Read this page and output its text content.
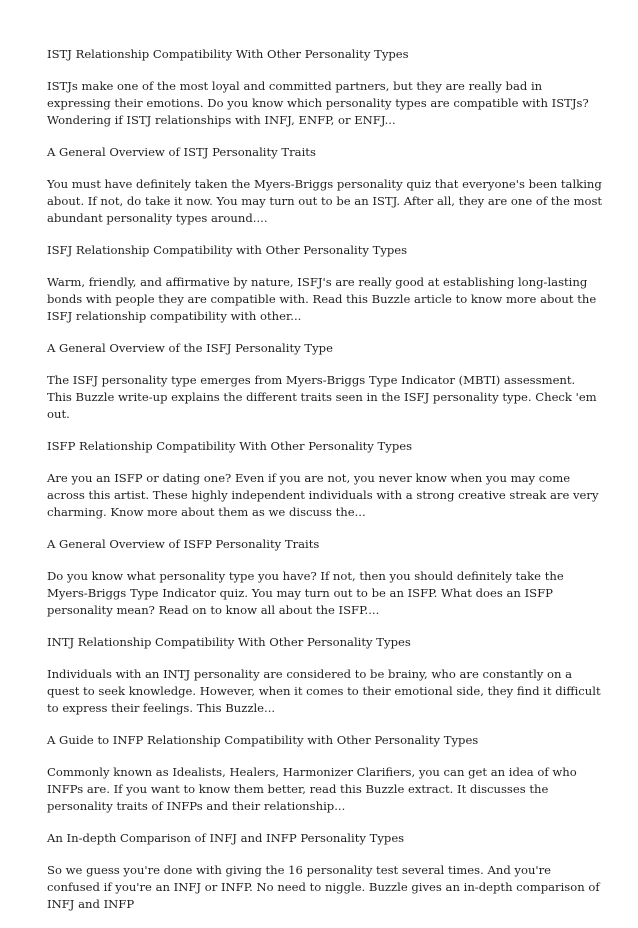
ISTJ Relationship Compatibility With Other Personality Types

ISTJs make one of the most loyal and committed partners, but they are really bad in expressing their emotions. Do you know which personality types are compatible with ISTJs? Wondering if ISTJ relationships with INFJ, ENFP, or ENFJ...

A General Overview of ISTJ Personality Traits

You must have definitely taken the Myers-Briggs personality quiz that everyone's been talking about. If not, do take it now. You may turn out to be an ISTJ. After all, they are one of the most abundant personality types around....

ISFJ Relationship Compatibility with Other Personality Types

Warm, friendly, and affirmative by nature, ISFJ's are really good at establishing long-lasting bonds with people they are compatible with. Read this Buzzle article to know more about the ISFJ relationship compatibility with other...

A General Overview of the ISFJ Personality Type

The ISFJ personality type emerges from Myers-Briggs Type Indicator (MBTI) assessment. This Buzzle write-up explains the different traits seen in the ISFJ personality type. Check 'em out.

ISFP Relationship Compatibility With Other Personality Types

Are you an ISFP or dating one? Even if you are not, you never know when you may come across this artist. These highly independent individuals with a strong creative streak are very charming. Know more about them as we discuss the...

A General Overview of ISFP Personality Traits

Do you know what personality type you have? If not, then you should definitely take the Myers-Briggs Type Indicator quiz. You may turn out to be an ISFP. What does an ISFP personality mean? Read on to know all about the ISFP....

INTJ Relationship Compatibility With Other Personality Types

Individuals with an INTJ personality are considered to be brainy, who are constantly on a quest to seek knowledge. However, when it comes to their emotional side, they find it difficult to express their feelings. This Buzzle...

A Guide to INFP Relationship Compatibility with Other Personality Types

Commonly known as Idealists, Healers, Harmonizer Clarifiers, you can get an idea of who INFPs are. If you want to know them better, read this Buzzle extract. It discusses the personality traits of INFPs and their relationship...

An In-depth Comparison of INFJ and INFP Personality Types

So we guess you're done with giving the 16 personality test several times. And you're confused if you're an INFJ or INFP. No need to niggle. Buzzle gives an in-depth comparison of INFJ and INFP
